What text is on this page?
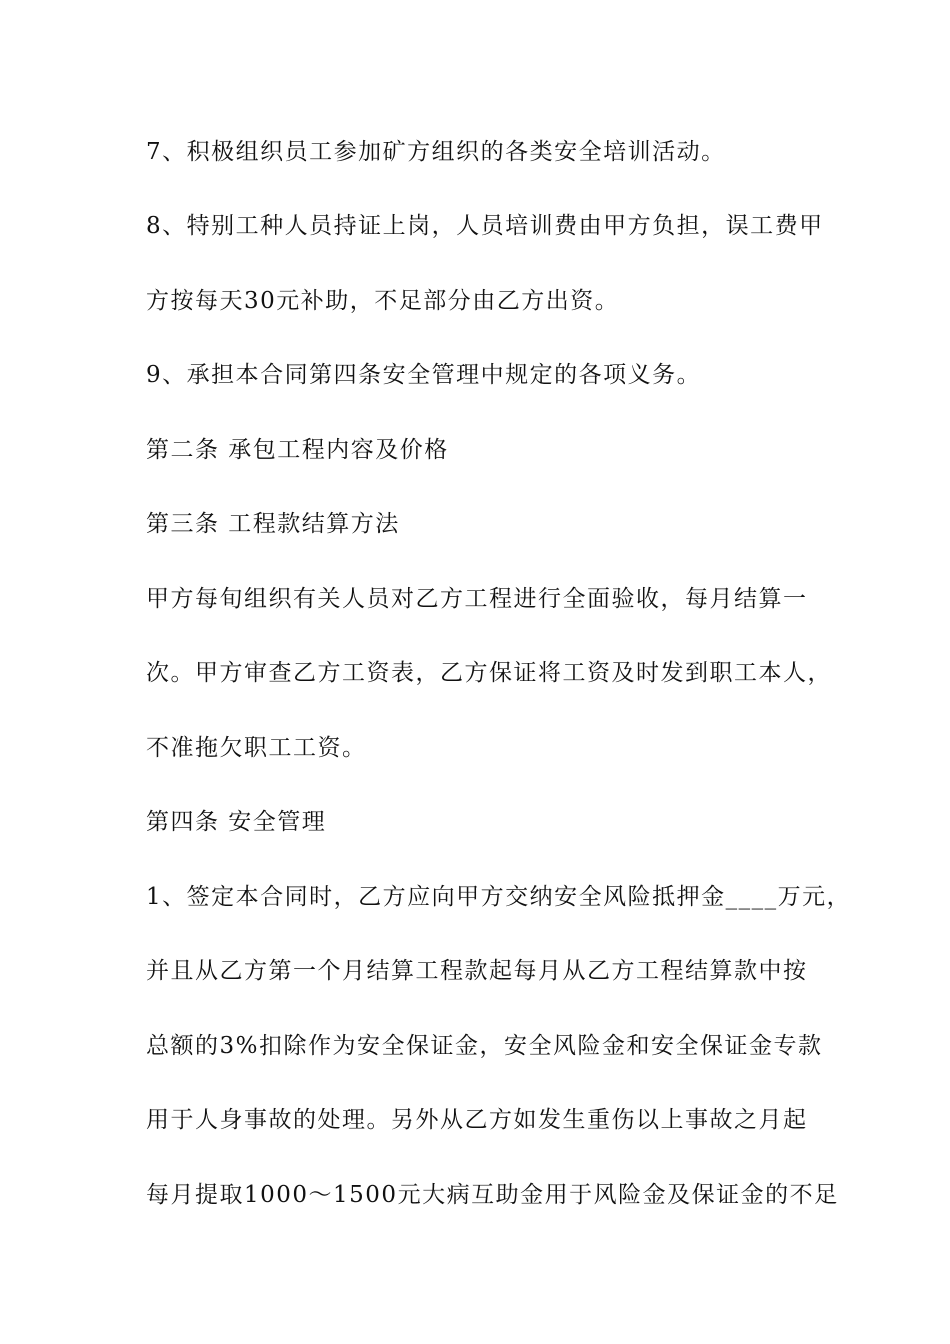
7、积极组织员工参加矿方组织的各类安全培训活动。
8、特别工种人员持证上岗，人员培训费由甲方负担，误工费甲
方按每天30元补助，不足部分由乙方出资。
9、承担本合同第四条安全管理中规定的各项义务。
第二条 承包工程内容及价格
第三条 工程款结算方法
甲方每旬组织有关人员对乙方工程进行全面验收，每月结算一
次。甲方审查乙方工资表，乙方保证将工资及时发到职工本人，
不准拖欠职工工资。
第四条 安全管理
1、签定本合同时，乙方应向甲方交纳安全风险抵押金____万元，
并且从乙方第一个月结算工程款起每月从乙方工程结算款中按
总额的3%扣除作为安全保证金，安全风险金和安全保证金专款
用于人身事故的处理。另外从乙方如发生重伤以上事故之月起
每月提取1000～1500元大病互助金用于风险金及保证金的不足
